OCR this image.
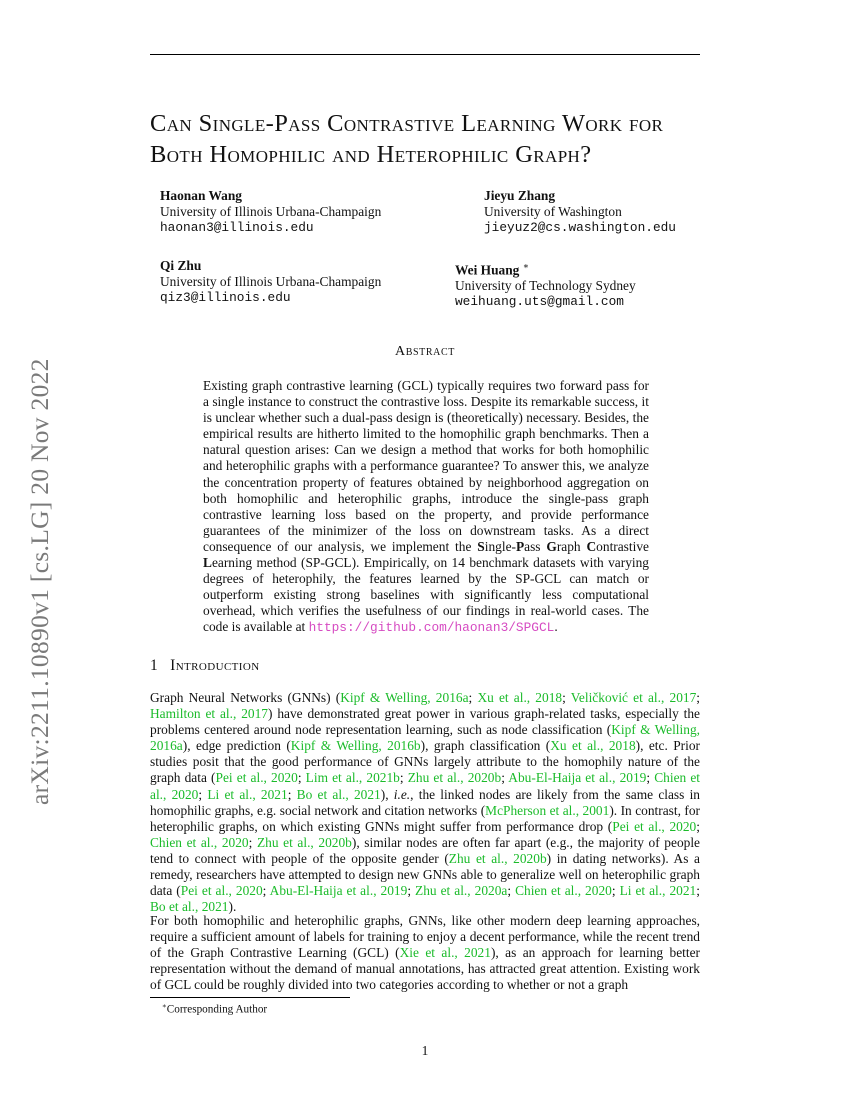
arXiv:2211.10890v1 [cs.LG] 20 Nov 2022
Can Single-Pass Contrastive Learning Work for Both Homophilic and Heterophilic Graph?
Haonan Wang
University of Illinois Urbana-Champaign
haonan3@illinois.edu
Jieyu Zhang
University of Washington
jieyuz2@cs.washington.edu
Qi Zhu
University of Illinois Urbana-Champaign
qiz3@illinois.edu
Wei Huang ∗
University of Technology Sydney
weihuang.uts@gmail.com
Abstract

Existing graph contrastive learning (GCL) typically requires two forward pass for a single instance to construct the contrastive loss. Despite its remarkable success, it is unclear whether such a dual-pass design is (theoretically) necessary. Besides, the empirical results are hitherto limited to the homophilic graph benchmarks. Then a natural question arises: Can we design a method that works for both homophilic and heterophilic graphs with a performance guarantee? To answer this, we analyze the concentration property of features obtained by neighborhood aggregation on both homophilic and heterophilic graphs, introduce the single-pass graph contrastive learning loss based on the property, and provide performance guarantees of the minimizer of the loss on downstream tasks. As a direct consequence of our analysis, we implement the Single-Pass Graph Contrastive Learning method (SP-GCL). Empirically, on 14 benchmark datasets with varying degrees of heterophily, the features learned by the SP-GCL can match or outperform existing strong baselines with significantly less computational overhead, which verifies the usefulness of our findings in real-world cases. The code is available at https://github.com/haonan3/SPGCL.

1 Introduction

Graph Neural Networks (GNNs) (Kipf & Welling, 2016a; Xu et al., 2018; Veličković et al., 2017; Hamilton et al., 2017) have demonstrated great power in various graph-related tasks, especially the problems centered around node representation learning, such as node classification (Kipf & Welling, 2016a), edge prediction (Kipf & Welling, 2016b), graph classification (Xu et al., 2018), etc. Prior studies posit that the good performance of GNNs largely attribute to the homophily nature of the graph data (Pei et al., 2020; Lim et al., 2021b; Zhu et al., 2020b; Abu-El-Haija et al., 2019; Chien et al., 2020; Li et al., 2021; Bo et al., 2021), i.e., the linked nodes are likely from the same class in homophilic graphs, e.g. social network and citation networks (McPherson et al., 2001). In contrast, for heterophilic graphs, on which existing GNNs might suffer from performance drop (Pei et al., 2020; Chien et al., 2020; Zhu et al., 2020b), similar nodes are often far apart (e.g., the majority of people tend to connect with people of the opposite gender (Zhu et al., 2020b) in dating networks). As a remedy, researchers have attempted to design new GNNs able to generalize well on heterophilic graph data (Pei et al., 2020; Abu-El-Haija et al., 2019; Zhu et al., 2020a; Chien et al., 2020; Li et al., 2021; Bo et al., 2021).

For both homophilic and heterophilic graphs, GNNs, like other modern deep learning approaches, require a sufficient amount of labels for training to enjoy a decent performance, while the recent trend of the Graph Contrastive Learning (GCL) (Xie et al., 2021), as an approach for learning better representation without the demand of manual annotations, has attracted great attention. Existing work of GCL could be roughly divided into two categories according to whether or not a graph

∗Corresponding Author

1
